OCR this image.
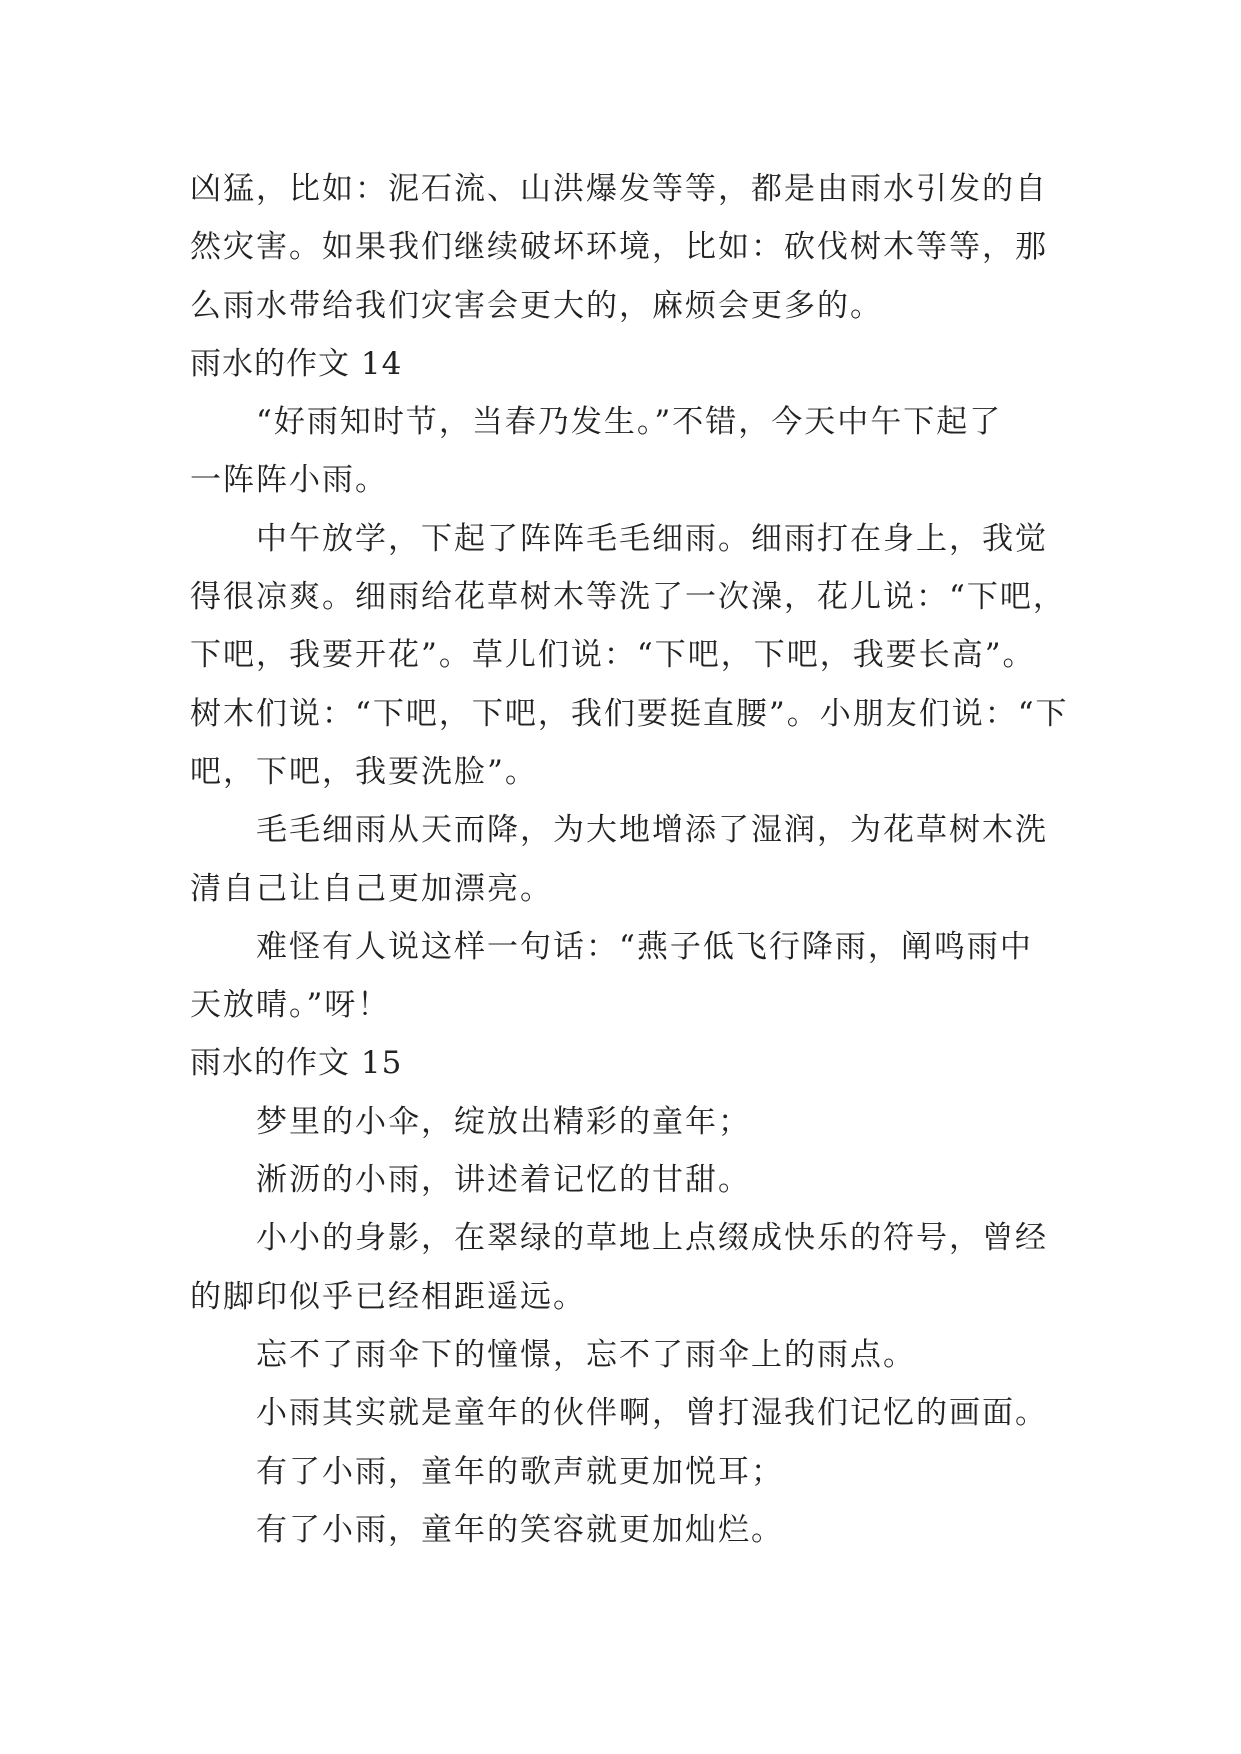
凶猛，比如：泥石流、山洪爆发等等，都是由雨水引发的自
然灾害。如果我们继续破坏环境，比如：砍伐树木等等，那
么雨水带给我们灾害会更大的，麻烦会更多的。
雨水的作文 14
“好雨知时节，当春乃发生。”不错，今天中午下起了
一阵阵小雨。
中午放学，下起了阵阵毛毛细雨。细雨打在身上，我觉
得很凉爽。细雨给花草树木等洗了一次澡，花儿说：“下吧，
下吧，我要开花”。草儿们说：“下吧，下吧，我要长高”。
树木们说：“下吧，下吧，我们要挺直腰”。小朋友们说：“下
吧，下吧，我要洗脸”。
毛毛细雨从天而降，为大地增添了湿润，为花草树木洗
清自己让自己更加漂亮。
难怪有人说这样一句话：“燕子低飞行降雨，阐鸣雨中
天放晴。”呀！
雨水的作文 15
梦里的小伞，绽放出精彩的童年；
淅沥的小雨，讲述着记忆的甘甜。
小小的身影，在翠绿的草地上点缀成快乐的符号，曾经
的脚印似乎已经相距遥远。
忘不了雨伞下的憧憬，忘不了雨伞上的雨点。
小雨其实就是童年的伙伴啊，曾打湿我们记忆的画面。
有了小雨，童年的歌声就更加悦耳；
有了小雨，童年的笑容就更加灿烂。
